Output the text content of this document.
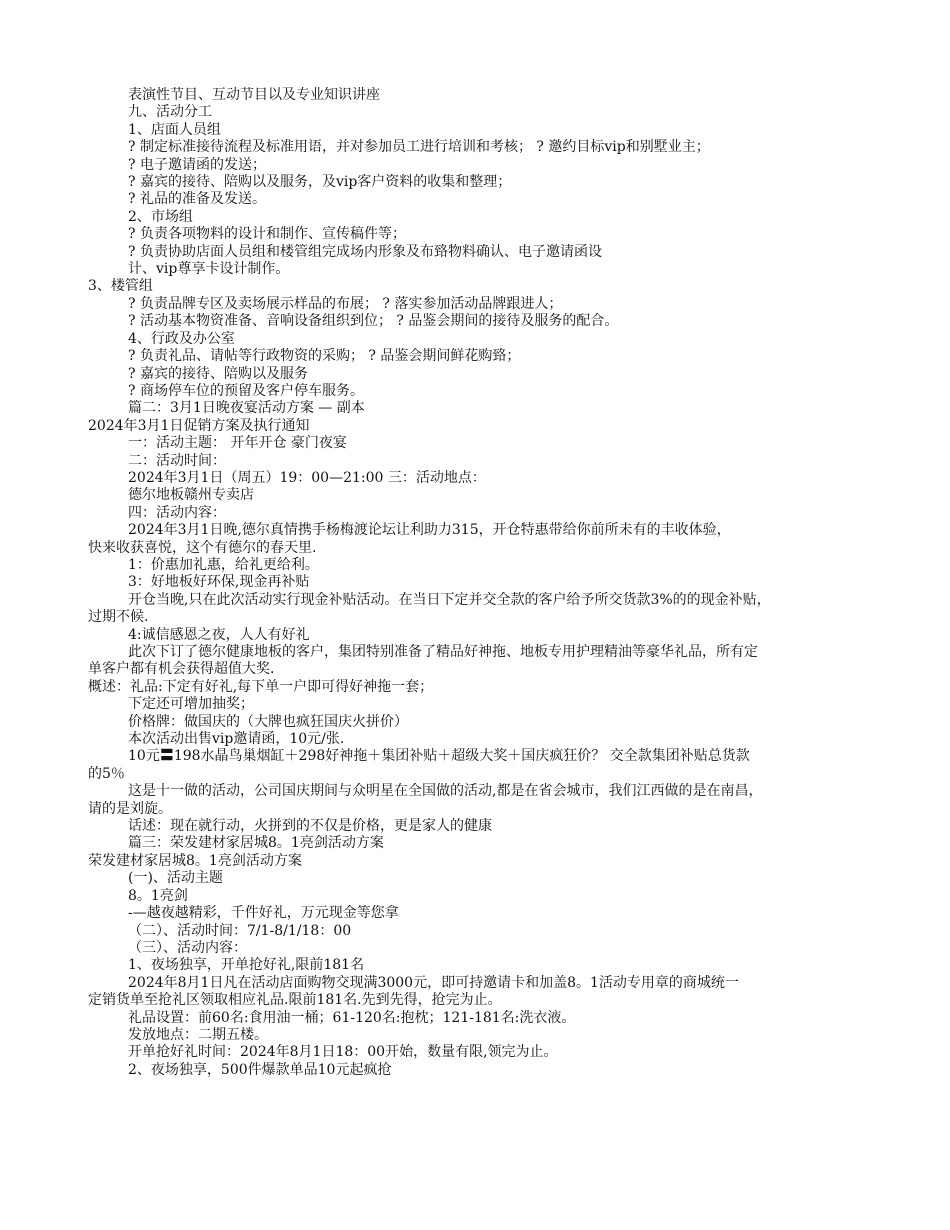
表演性节目、互动节目以及专业知识讲座
九、活动分工
1、店面人员组
? 制定标准接待流程及标准用语，并对参加员工进行培训和考核； ? 邀约目标vip和别墅业主；
? 电子邀请函的发送；
? 嘉宾的接待、陪购以及服务，及vip客户资料的收集和整理；
? 礼品的准备及发送。
2、市场组
? 负责各项物料的设计和制作、宣传稿件等；
? 负责协助店面人员组和楼管组完成场内形象及布臵物料确认、电子邀请函设
计、vip尊享卡设计制作。
3、楼管组
? 负责品牌专区及卖场展示样品的布展； ? 落实参加活动品牌跟进人；
? 活动基本物资准备、音响设备组织到位； ? 品鉴会期间的接待及服务的配合。
4、行政及办公室
? 负责礼品、请帖等行政物资的采购； ? 品鉴会期间鲜花购臵；
? 嘉宾的接待、陪购以及服务
? 商场停车位的预留及客户停车服务。
篇二：3月1日晚夜宴活动方案 — 副本
2024年3月1日促销方案及执行通知
一：活动主题： 开年开仓 豪门夜宴
二：活动时间：
2024年3月1日（周五）19：00—21:00 三：活动地点：
德尔地板赣州专卖店
四：活动内容：
2024年3月1日晚,德尔真情携手杨梅渡论坛让利助力315，开仓特惠带给你前所未有的丰收体验，
快来收获喜悦，这个有德尔的春天里.
1：价惠加礼惠，给礼更给利。
3：好地板好环保,现金再补贴
开仓当晚,只在此次活动实行现金补贴活动。在当日下定并交全款的客户给予所交货款3%的的现金补贴，
过期不候.
4:诚信感恩之夜，人人有好礼
此次下订了德尔健康地板的客户，集团特别准备了精品好神拖、地板专用护理精油等豪华礼品，所有定
单客户都有机会获得超值大奖.
概述：礼品:下定有好礼,每下单一户即可得好神拖一套；
下定还可增加抽奖；
价格牌：做国庆的（大牌也疯狂国庆火拼价）
本次活动出售vip邀请函，10元/张.
10元〓198水晶鸟巢烟缸＋298好神拖＋集团补贴＋超级大奖＋国庆疯狂价？ 交全款集团补贴总货款
的5％
这是十一做的活动，公司国庆期间与众明星在全国做的活动,都是在省会城市，我们江西做的是在南昌，
请的是刘旋。
话述：现在就行动，火拼到的不仅是价格，更是家人的健康
篇三：荣发建材家居城8。1亮剑活动方案
荣发建材家居城8。1亮剑活动方案
(一)、活动主题
8。1亮剑
-—越夜越精彩，千件好礼，万元现金等您拿
（二）、活动时间：7/1-8/1/18：00
（三）、活动内容：
1、夜场独享，开单抢好礼,限前181名
2024年8月1日凡在活动店面购物交现满3000元，即可持邀请卡和加盖8。1活动专用章的商城统一
定销货单至抢礼区领取相应礼品.限前181名.先到先得，抢完为止。
礼品设置：前60名:食用油一桶；61-120名:抱枕；121-181名:洗衣液。
发放地点：二期五楼。
开单抢好礼时间：2024年8月1日18：00开始，数量有限,领完为止。
2、夜场独享，500件爆款单品10元起疯抢
